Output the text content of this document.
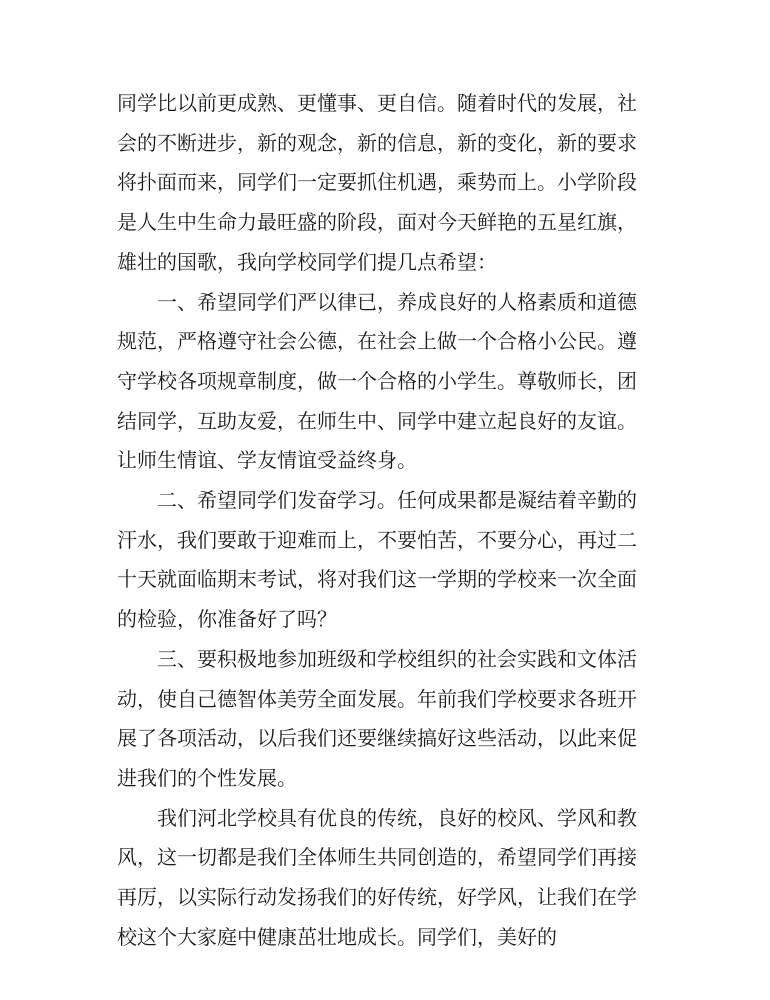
同学比以前更成熟、更懂事、更自信。随着时代的发展，社会的不断进步，新的观念，新的信息，新的变化，新的要求将扑面而来，同学们一定要抓住机遇，乘势而上。小学阶段是人生中生命力最旺盛的阶段，面对今天鲜艳的五星红旗，雄壮的国歌，我向学校同学们提几点希望：

一、希望同学们严以律已，养成良好的人格素质和道德规范，严格遵守社会公德，在社会上做一个合格小公民。遵守学校各项规章制度，做一个合格的小学生。尊敬师长，团结同学，互助友爱，在师生中、同学中建立起良好的友谊。让师生情谊、学友情谊受益终身。

二、希望同学们发奋学习。任何成果都是凝结着辛勤的汗水，我们要敢于迎难而上，不要怕苦，不要分心，再过二十天就面临期末考试，将对我们这一学期的学校来一次全面的检验，你准备好了吗？

三、要积极地参加班级和学校组织的社会实践和文体活动，使自己德智体美劳全面发展。年前我们学校要求各班开展了各项活动，以后我们还要继续搞好这些活动，以此来促进我们的个性发展。

我们河北学校具有优良的传统，良好的校风、学风和教风，这一切都是我们全体师生共同创造的，希望同学们再接再厉，以实际行动发扬我们的好传统，好学风，让我们在学校这个大家庭中健康茁壮地成长。同学们，美好的
